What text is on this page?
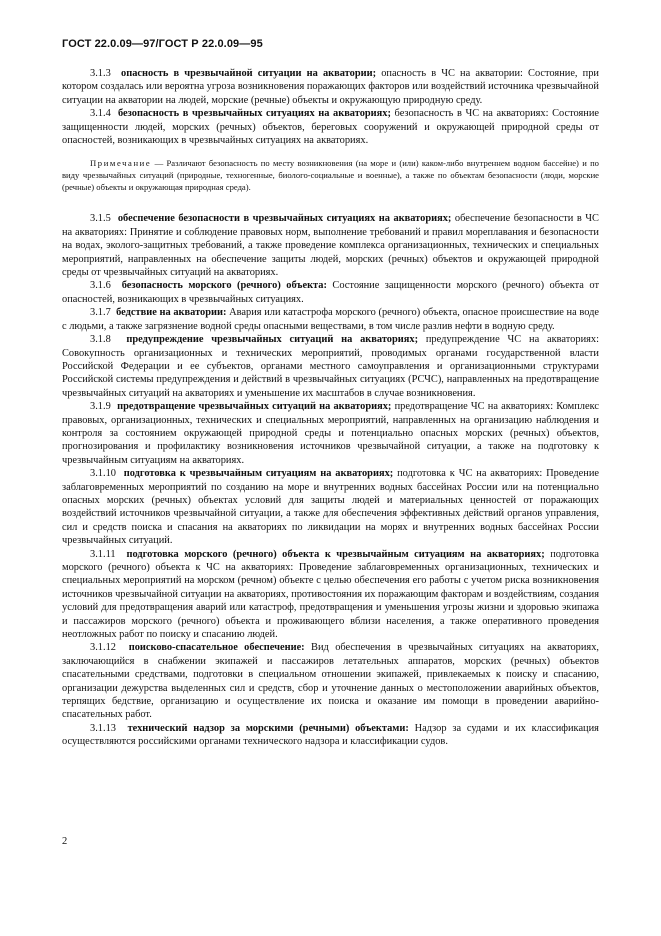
ГОСТ 22.0.09—97/ГОСТ Р 22.0.09—95

3.1.3 опасность в чрезвычайной ситуации на акватории; опасность в ЧС на акватории: Состояние, при котором создалась или вероятна угроза возникновения поражающих факторов или воздействий источника чрезвычайной ситуации на акватории на людей, морские (речные) объекты и окружающую природную среду.

3.1.4 безопасность в чрезвычайных ситуациях на акваториях; безопасность в ЧС на акваториях: Состояние защищенности людей, морских (речных) объектов, береговых сооружений и окружающей природной среды от опасностей, возникающих в чрезвычайных ситуациях на акваториях.

Примечание — Различают безопасность по месту возникновения (на море и (или) каком-либо внутреннем водном бассейне) и по виду чрезвычайных ситуаций (природные, техногенные, биолого-социальные и военные), а также по объектам безопасности (люди, морские (речные) объекты и окружающая природная среда).

3.1.5 обеспечение безопасности в чрезвычайных ситуациях на акваториях; обеспечение безопасности в ЧС на акваториях: Принятие и соблюдение правовых норм, выполнение требований и правил мореплавания и безопасности на водах, эколого-защитных требований, а также проведение комплекса организационных, технических и специальных мероприятий, направленных на обеспечение защиты людей, морских (речных) объектов и окружающей природной среды от чрезвычайных ситуаций на акваториях.

3.1.6 безопасность морского (речного) объекта: Состояние защищенности морского (речного) объекта от опасностей, возникающих в чрезвычайных ситуациях.

3.1.7 бедствие на акватории: Авария или катастрофа морского (речного) объекта, опасное происшествие на воде с людьми, а также загрязнение водной среды опасными веществами, в том числе разлив нефти в водную среду.

3.1.8 предупреждение чрезвычайных ситуаций на акваториях; предупреждение ЧС на акваториях: Совокупность организационных и технических мероприятий, проводимых органами государственной власти Российской Федерации и ее субъектов, органами местного самоуправления и организационными структурами Российской системы предупреждения и действий в чрезвычайных ситуациях (РСЧС), направленных на предотвращение чрезвычайных ситуаций на акваториях и уменьшение их масштабов в случае возникновения.

3.1.9 предотвращение чрезвычайных ситуаций на акваториях; предотвращение ЧС на акваториях: Комплекс правовых, организационных, технических и специальных мероприятий, направленных на организацию наблюдения и контроля за состоянием окружающей природной среды и потенциально опасных морских (речных) объектов, прогнозирования и профилактику возникновения источников чрезвычайной ситуации, а также на подготовку к чрезвычайным ситуациям на акваториях.

3.1.10 подготовка к чрезвычайным ситуациям на акваториях; подготовка к ЧС на акваториях: Проведение заблаговременных мероприятий по созданию на море и внутренних водных бассейнах России или на потенциально опасных морских (речных) объектах условий для защиты людей и материальных ценностей от поражающих воздействий источников чрезвычайной ситуации, а также для обеспечения эффективных действий органов управления, сил и средств поиска и спасания на акваториях по ликвидации на морях и внутренних водных бассейнах России чрезвычайных ситуаций.

3.1.11 подготовка морского (речного) объекта к чрезвычайным ситуациям на акваториях; подготовка морского (речного) объекта к ЧС на акваториях: Проведение заблаговременных организационных, технических и специальных мероприятий на морском (речном) объекте с целью обеспечения его работы с учетом риска возникновения источников чрезвычайной ситуации на акваториях, противостояния их поражающим факторам и воздействиям, создания условий для предотвращения аварий или катастроф, предотвращения и уменьшения угрозы жизни и здоровью экипажа и пассажиров морского (речного) объекта и проживающего вблизи населения, а также оперативного проведения неотложных работ по поиску и спасанию людей.

3.1.12 поисково-спасательное обеспечение: Вид обеспечения в чрезвычайных ситуациях на акваториях, заключающийся в снабжении экипажей и пассажиров летательных аппаратов, морских (речных) объектов спасательными средствами, подготовки в специальном отношении экипажей, привлекаемых к поиску и спасанию, организации дежурства выделенных сил и средств, сбор и уточнение данных о местоположении аварийных объектов, терпящих бедствие, организацию и осуществление их поиска и оказание им помощи в проведении аварийно-спасательных работ.

3.1.13 технический надзор за морскими (речными) объектами: Надзор за судами и их классификация осуществляются российскими органами технического надзора и классификации судов.

2
